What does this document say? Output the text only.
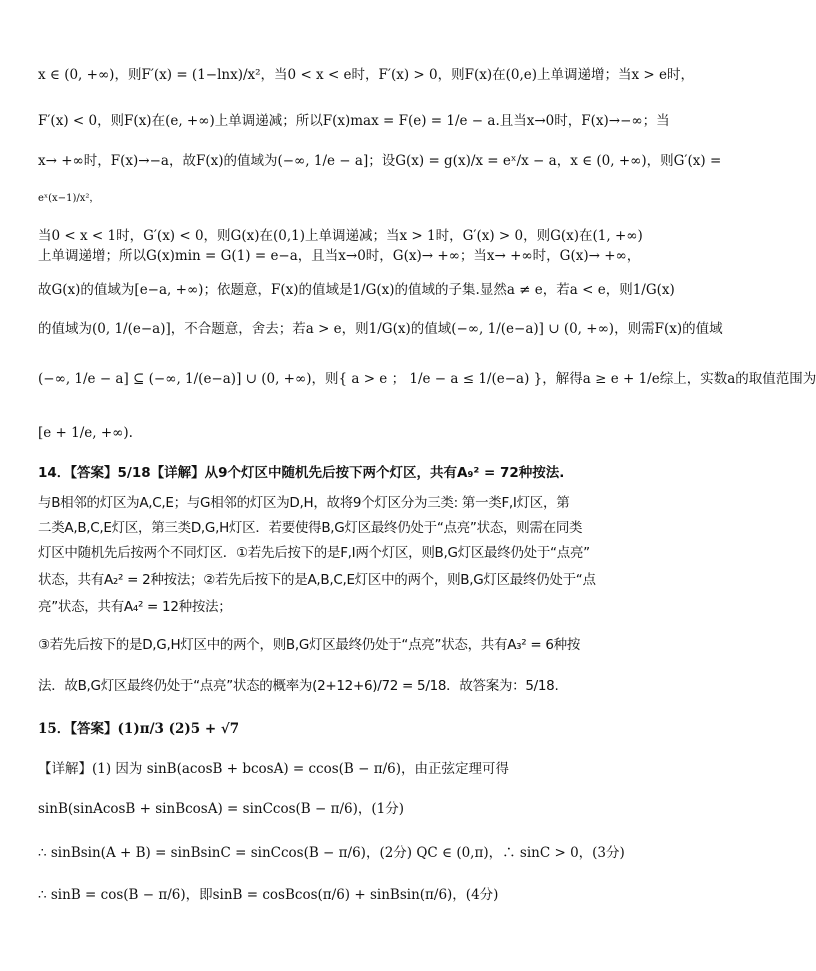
x ∈ (0, +∞)，则F′(x) = (1−lnx)/x²，当0 < x < e时，F′(x) > 0，则F(x)在(0,e)上单调递增；当x > e时，
F′(x) < 0，则F(x)在(e, +∞)上单调递减；所以F(x)max = F(e) = 1/e − a.且当x→0时，F(x)→−∞；当
x→ +∞时，F(x)→−a，故F(x)的值域为(−∞, 1/e − a]；设G(x) = g(x)/x = eˣ/x − a，x ∈ (0, +∞)，则G′(x) =
eˣ(x−1)/x²，
当0 < x < 1时，G′(x) < 0，则G(x)在(0,1)上单调递减；当x > 1时，G′(x) > 0，则G(x)在(1, +∞)
上单调递增；所以G(x)min = G(1) = e−a，且当x→0时，G(x)→ +∞；当x→ +∞时，G(x)→ +∞，
故G(x)的值域为[e−a, +∞)；依题意，F(x)的值域是1/G(x)的值域的子集.显然a ≠ e，若a < e，则1/G(x)
的值域为(0, 1/(e−a)]，不合题意，舍去；若a > e，则1/G(x)的值域(−∞, 1/(e−a)] ∪ (0, +∞)，则需F(x)的值域
(−∞, 1/e − a] ⊆ (−∞, 1/(e−a)] ∪ (0, +∞)，则{ a > e ； 1/e − a ≤ 1/(e−a) }，解得a ≥ e + 1/e综上，实数a的取值范围为
[e + 1/e, +∞).
14．【答案】5/18【详解】从9个灯区中随机先后按下两个灯区，共有A₉² = 72种按法.
与B相邻的灯区为A,C,E；与G相邻的灯区为D,H，故将9个灯区分为三类: 第一类F,I灯区，第
二类A,B,C,E灯区，第三类D,G,H灯区．若要使得B,G灯区最终仍处于“点亮”状态，则需在同类
灯区中随机先后按两个不同灯区．①若先后按下的是F,I两个灯区，则B,G灯区最终仍处于“点亮”
状态，共有A₂² = 2种按法；②若先后按下的是A,B,C,E灯区中的两个，则B,G灯区最终仍处于“点
亮”状态，共有A₄² = 12种按法；
③若先后按下的是D,G,H灯区中的两个，则B,G灯区最终仍处于“点亮”状态，共有A₃² = 6种按
法．故B,G灯区最终仍处于“点亮”状态的概率为(2+12+6)/72 = 5/18．故答案为：5/18.
15．【答案】(1)π/3 (2)5 + √7
【详解】(1) 因为 sinB(acosB + bcosA) = ccos(B − π/6)，由正弦定理可得
sinB(sinAcosB + sinBcosA) = sinCcos(B − π/6)，(1分)
∴ sinBsin(A + B) = sinBsinC = sinCcos(B − π/6)，(2分) QC ∈ (0,π)，∴ sinC > 0，(3分)
∴ sinB = cos(B − π/6)，即sinB = cosBcos(π/6) + sinBsin(π/6)，(4分)
